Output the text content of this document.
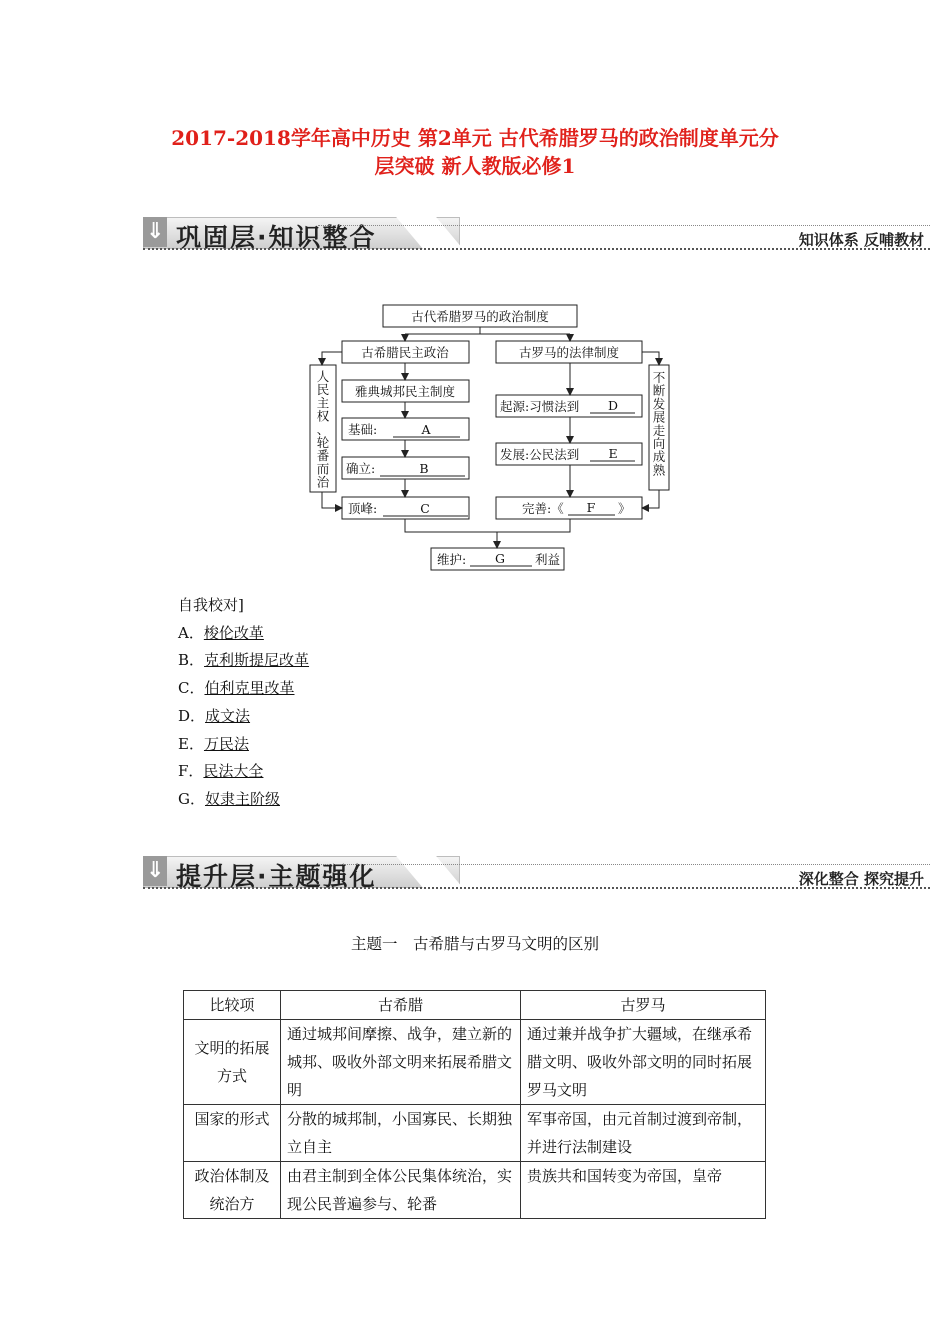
2017-2018学年高中历史 第2单元 古代希腊罗马的政治制度单元分
层突破 新人教版必修1
⇓ 巩固层·知识整合	知识体系 反哺教材
古代希腊罗马的政治制度
古希腊民主政治	古罗马的法律制度
雅典城邦民主制度
基础:	A
确立:	B
顶峰:	C
起源:习惯法到 D
发展:公民法到 E
完善:《 F 》
维护: G 利益
人
民
主
权
、
轮
番
而
治
不
断
发
展
走
向
成
熟
自我校对]
A．梭伦改革
B．克利斯提尼改革
C．伯利克里改革
D．成文法
E．万民法
F．民法大全
G．奴隶主阶级
⇓ 提升层·主题强化	深化整合 探究提升
主题一　古希腊与古罗马文明的区别
比较项	古希腊	古罗马
文明的拓展方式	通过城邦间摩擦、战争，建立新的城邦、吸收外部文明来拓展希腊文明	通过兼并战争扩大疆域，在继承希腊文明、吸收外部文明的同时拓展罗马文明
国家的形式	分散的城邦制，小国寡民、长期独立自主	军事帝国，由元首制过渡到帝制，并进行法制建设
政治体制及统治方	由君主制到全体公民集体统治，实现公民普遍参与、轮番	贵族共和国转变为帝国，皇帝
